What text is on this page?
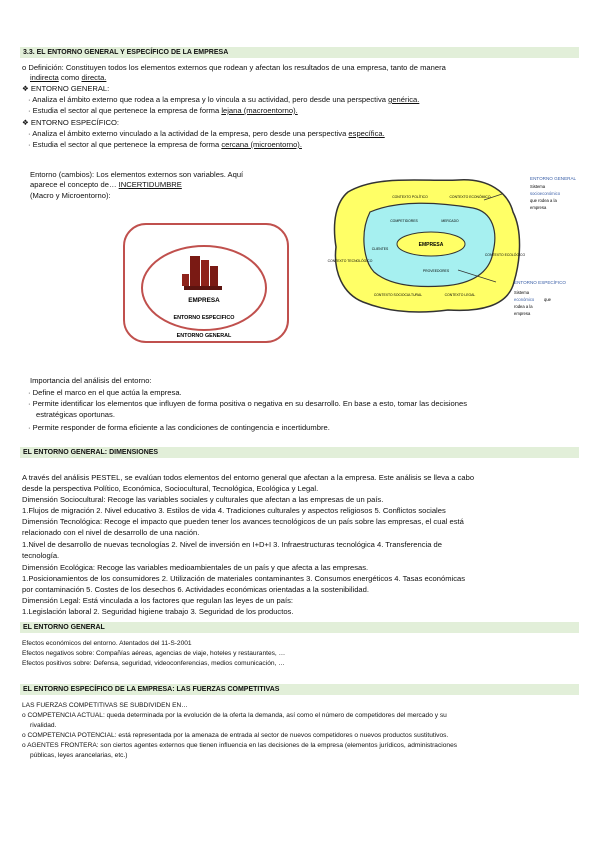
3.3. EL ENTORNO GENERAL Y ESPECÍFICO DE LA EMPRESA
o Definición: Constituyen todos los elementos externos que rodean y afectan los resultados de una empresa, tanto de manera
indirecta como directa.
❖ ENTORNO GENERAL:
· Analiza el ámbito externo que rodea a la empresa y lo vincula a su actividad, pero desde una perspectiva genérica.
· Estudia el sector al que pertenece la empresa de forma lejana (macroentorno).
❖ ENTORNO ESPECÍFICO:
· Analiza el ámbito externo vinculado a la actividad de la empresa, pero desde una perspectiva específica.
· Estudia el sector al que pertenece la empresa de forma cercana (microentorno).
Entorno (cambios): Los elementos externos son variables. Aquí
aparece el concepto de… INCERTIDUMBRE
(Macro y Microentorno):
EMPRESA
ENTORNO ESPECIFICO
ENTORNO GENERAL
EMPRESA
COMPETIDORES	MERCADO
CLIENTES
PROVEEDORES
CONTEXTO POLÍTICO	CONTEXTO ECONÓMICO
CONTEXTO TECNOLÓGICO
CONTEXTO SOCIOCULTURAL	CONTEXTO LEGAL
CONTEXTO ECOLÓGICO
ENTORNO GENERAL
Sistema
socioeconómico
que rodea a la
empresa
ENTORNO ESPECÍFICO
Sistema
económico que
rodea a la
empresa
Importancia del análisis del entorno:
· Define el marco en el que actúa la empresa.
· Permite identificar los elementos que influyen de forma positiva o negativa en su desarrollo. En base a esto, tomar las decisiones
estratégicas oportunas.
· Permite responder de forma eficiente a las condiciones de contingencia e incertidumbre.
EL ENTORNO GENERAL: DIMENSIONES
A través del análisis PESTEL, se evalúan todos elementos del entorno general que afectan a la empresa. Este análisis se lleva a cabo
desde la perspectiva Político, Económica, Sociocultural, Tecnológica, Ecológica y Legal.
Dimensión Sociocultural: Recoge las variables sociales y culturales que afectan a las empresas de un país.
1.Flujos de migración 2. Nivel educativo 3. Estilos de vida 4. Tradiciones culturales y aspectos religiosos 5. Conflictos sociales
Dimensión Tecnológica: Recoge el impacto que pueden tener los avances tecnológicos de un país sobre las empresas, el cual está
relacionado con el nivel de desarrollo de una nación.
1.Nivel de desarrollo de nuevas tecnologías 2. Nivel de inversión en I+D+I 3. Infraestructuras tecnológica 4. Transferencia de
tecnología.
Dimensión Ecológica: Recoge las variables medioambientales de un país y que afecta a las empresas.
1.Posicionamientos de los consumidores 2. Utilización de materiales contaminantes 3. Consumos energéticos 4. Tasas económicas
por contaminación 5. Costes de los desechos 6. Actividades económicas orientadas a la sostenibilidad.
Dimensión Legal: Está vinculada a los factores que regulan las leyes de un país:
1.Legislación laboral 2. Seguridad higiene trabajo 3. Seguridad de los productos.
EL ENTORNO GENERAL
Efectos económicos del entorno. Atentados del 11-S-2001
Efectos negativos sobre: Compañías aéreas, agencias de viaje, hoteles y restaurantes, …
Efectos positivos sobre: Defensa, seguridad, videoconferencias, medios comunicación, …
EL ENTORNO ESPECÍFICO DE LA EMPRESA: LAS FUERZAS COMPETITIVAS
LAS FUERZAS COMPETITIVAS SE SUBDIVIDEN EN…
o COMPETENCIA ACTUAL: queda determinada por la evolución de la oferta la demanda, así como el número de competidores del mercado y su
rivalidad.
o COMPETENCIA POTENCIAL: está representada por la amenaza de entrada al sector de nuevos competidores o nuevos productos sustitutivos.
o AGENTES FRONTERA: son ciertos agentes externos que tienen influencia en las decisiones de la empresa (elementos jurídicos, administraciones
públicas, leyes arancelarias, etc.)
